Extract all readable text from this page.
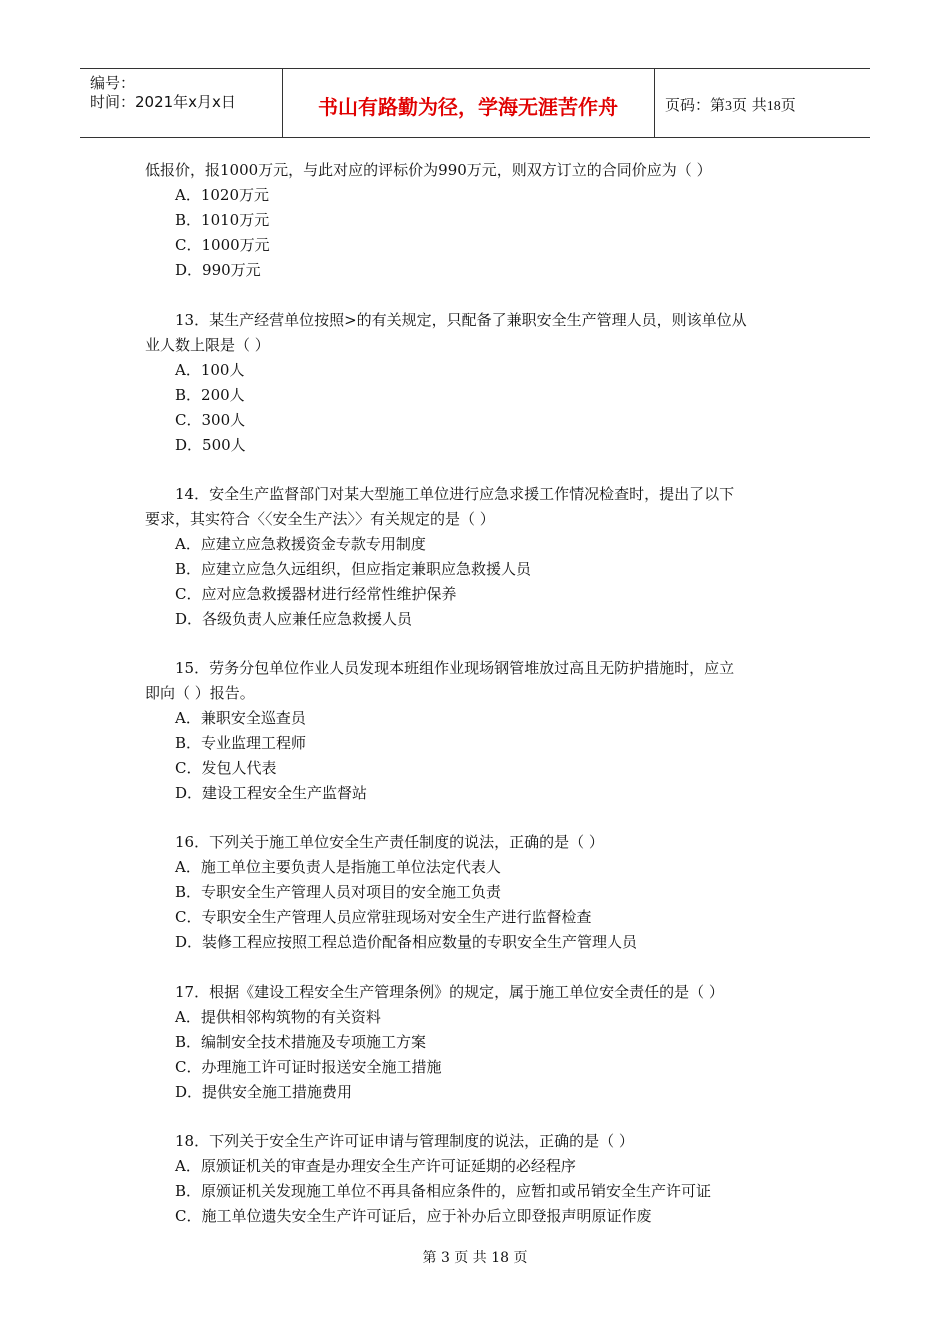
编号：
时间：2021年x月x日	书山有路勤为径，学海无涯苦作舟	页码：第3页 共18页
低报价，报1000万元，与此对应的评标价为990万元，则双方订立的合同价应为（ ）
A．1020万元
B．1010万元
C．1000万元
D．990万元
13．某生产经营单位按照>的有关规定，只配备了兼职安全生产管理人员，则该单位从
业人数上限是（ ）
A．100人
B．200人
C．300人
D．500人
14．安全生产监督部门对某大型施工单位进行应急求援工作情况检查时，提出了以下
要求，其实符合〈〈安全生产法〉〉有关规定的是（ ）
A．应建立应急救援资金专款专用制度
B．应建立应急久远组织，但应指定兼职应急救援人员
C．应对应急救援器材进行经常性维护保养
D．各级负责人应兼任应急救援人员
15．劳务分包单位作业人员发现本班组作业现场钢管堆放过高且无防护措施时，应立
即向（ ）报告。
A．兼职安全巡查员
B．专业监理工程师
C．发包人代表
D．建设工程安全生产监督站
16．下列关于施工单位安全生产责任制度的说法，正确的是（ ）
A．施工单位主要负责人是指施工单位法定代表人
B．专职安全生产管理人员对项目的安全施工负责
C．专职安全生产管理人员应常驻现场对安全生产进行监督检查
D．装修工程应按照工程总造价配备相应数量的专职安全生产管理人员
17．根据《建设工程安全生产管理条例》的规定，属于施工单位安全责任的是（ ）
A．提供相邻构筑物的有关资料
B．编制安全技术措施及专项施工方案
C．办理施工许可证时报送安全施工措施
D．提供安全施工措施费用
18．下列关于安全生产许可证申请与管理制度的说法，正确的是（ ）
A．原颁证机关的审查是办理安全生产许可证延期的必经程序
B．原颁证机关发现施工单位不再具备相应条件的，应暂扣或吊销安全生产许可证
C．施工单位遗失安全生产许可证后，应于补办后立即登报声明原证作废
第 3 页 共 18 页
